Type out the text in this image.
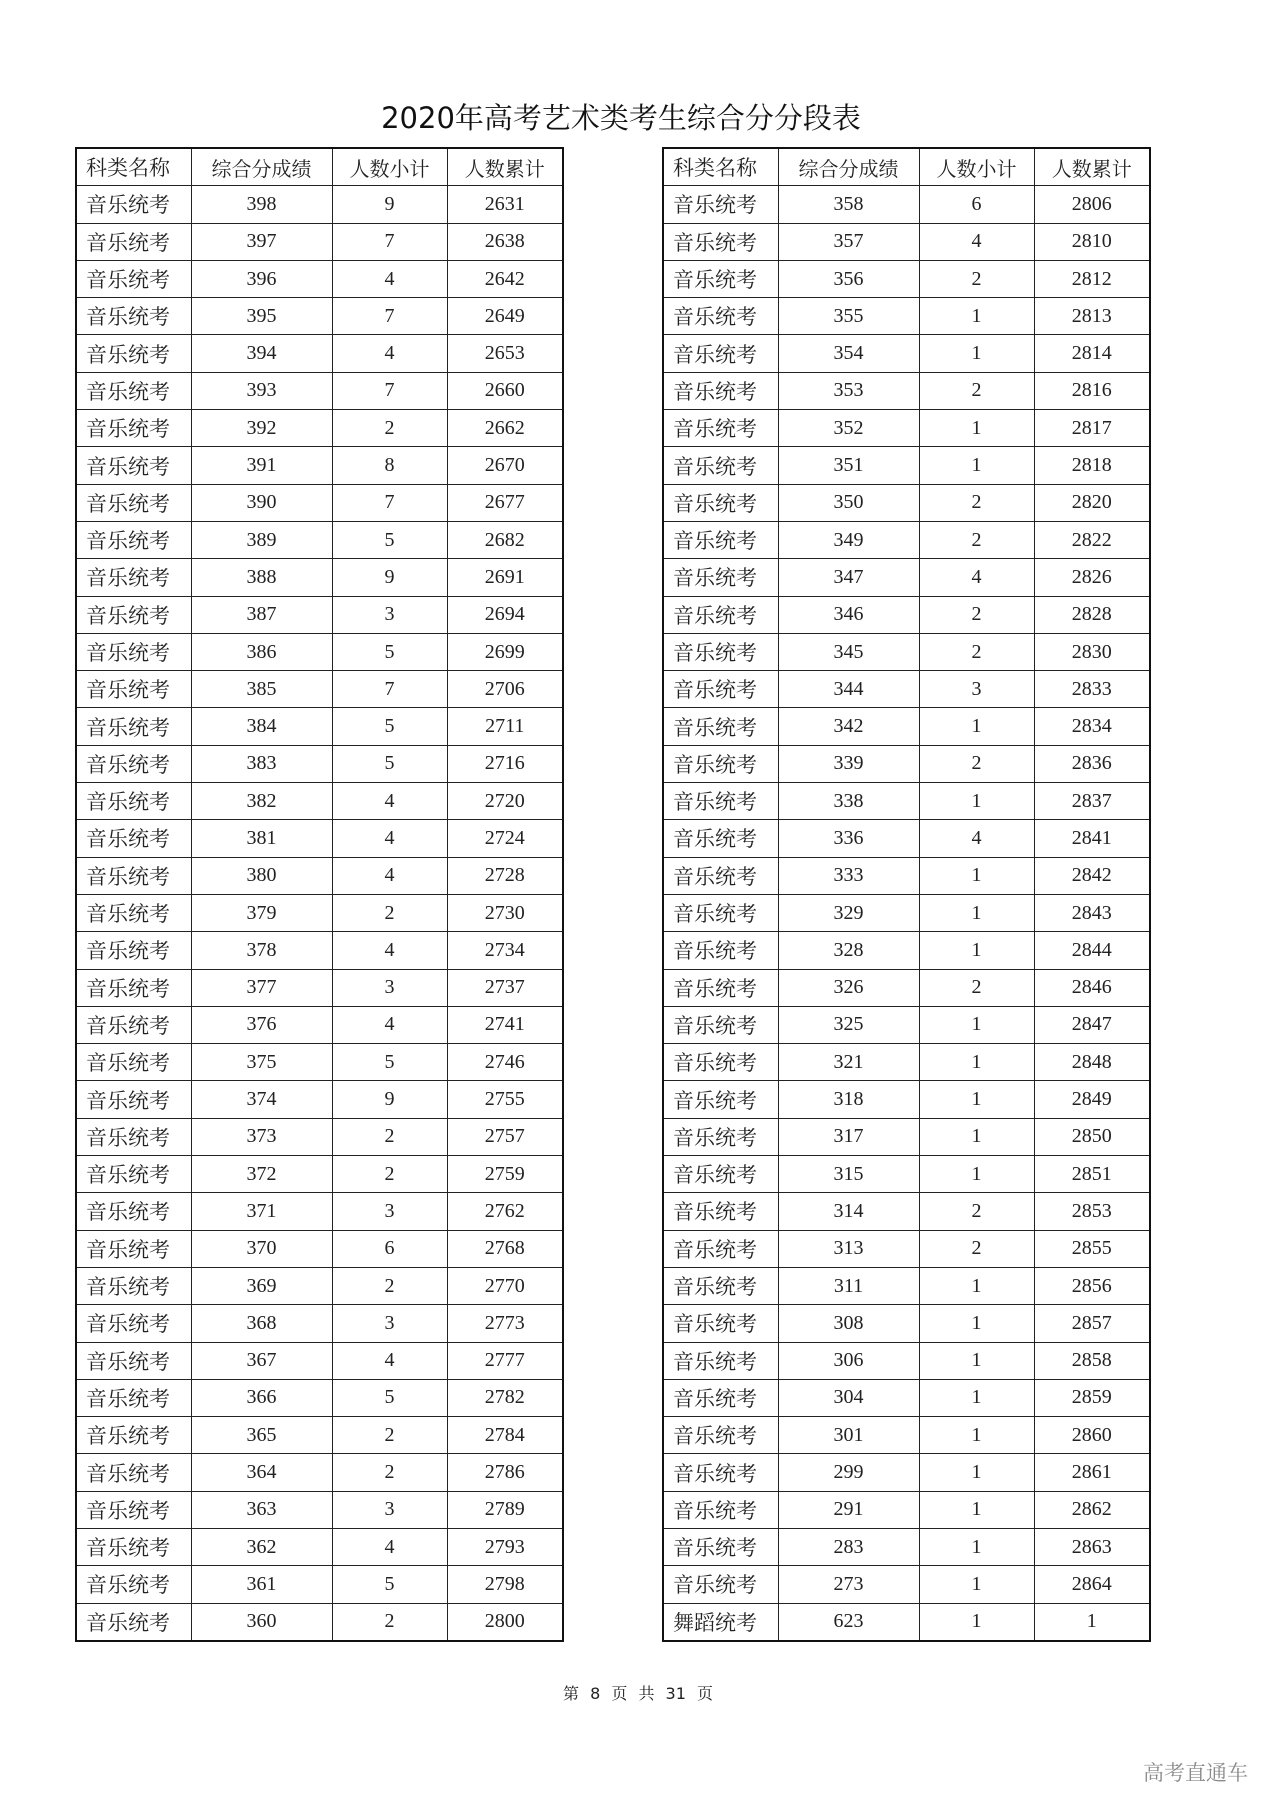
2020年高考艺术类考生综合分分段表
科类名称	综合分成绩	人数小计	人数累计
音乐统考	398	9	2631
音乐统考	397	7	2638
音乐统考	396	4	2642
音乐统考	395	7	2649
音乐统考	394	4	2653
音乐统考	393	7	2660
音乐统考	392	2	2662
音乐统考	391	8	2670
音乐统考	390	7	2677
音乐统考	389	5	2682
音乐统考	388	9	2691
音乐统考	387	3	2694
音乐统考	386	5	2699
音乐统考	385	7	2706
音乐统考	384	5	2711
音乐统考	383	5	2716
音乐统考	382	4	2720
音乐统考	381	4	2724
音乐统考	380	4	2728
音乐统考	379	2	2730
音乐统考	378	4	2734
音乐统考	377	3	2737
音乐统考	376	4	2741
音乐统考	375	5	2746
音乐统考	374	9	2755
音乐统考	373	2	2757
音乐统考	372	2	2759
音乐统考	371	3	2762
音乐统考	370	6	2768
音乐统考	369	2	2770
音乐统考	368	3	2773
音乐统考	367	4	2777
音乐统考	366	5	2782
音乐统考	365	2	2784
音乐统考	364	2	2786
音乐统考	363	3	2789
音乐统考	362	4	2793
音乐统考	361	5	2798
音乐统考	360	2	2800
科类名称	综合分成绩	人数小计	人数累计
音乐统考	358	6	2806
音乐统考	357	4	2810
音乐统考	356	2	2812
音乐统考	355	1	2813
音乐统考	354	1	2814
音乐统考	353	2	2816
音乐统考	352	1	2817
音乐统考	351	1	2818
音乐统考	350	2	2820
音乐统考	349	2	2822
音乐统考	347	4	2826
音乐统考	346	2	2828
音乐统考	345	2	2830
音乐统考	344	3	2833
音乐统考	342	1	2834
音乐统考	339	2	2836
音乐统考	338	1	2837
音乐统考	336	4	2841
音乐统考	333	1	2842
音乐统考	329	1	2843
音乐统考	328	1	2844
音乐统考	326	2	2846
音乐统考	325	1	2847
音乐统考	321	1	2848
音乐统考	318	1	2849
音乐统考	317	1	2850
音乐统考	315	1	2851
音乐统考	314	2	2853
音乐统考	313	2	2855
音乐统考	311	1	2856
音乐统考	308	1	2857
音乐统考	306	1	2858
音乐统考	304	1	2859
音乐统考	301	1	2860
音乐统考	299	1	2861
音乐统考	291	1	2862
音乐统考	283	1	2863
音乐统考	273	1	2864
舞蹈统考	623	1	1
第 8 页 共 31 页
高考直通车
